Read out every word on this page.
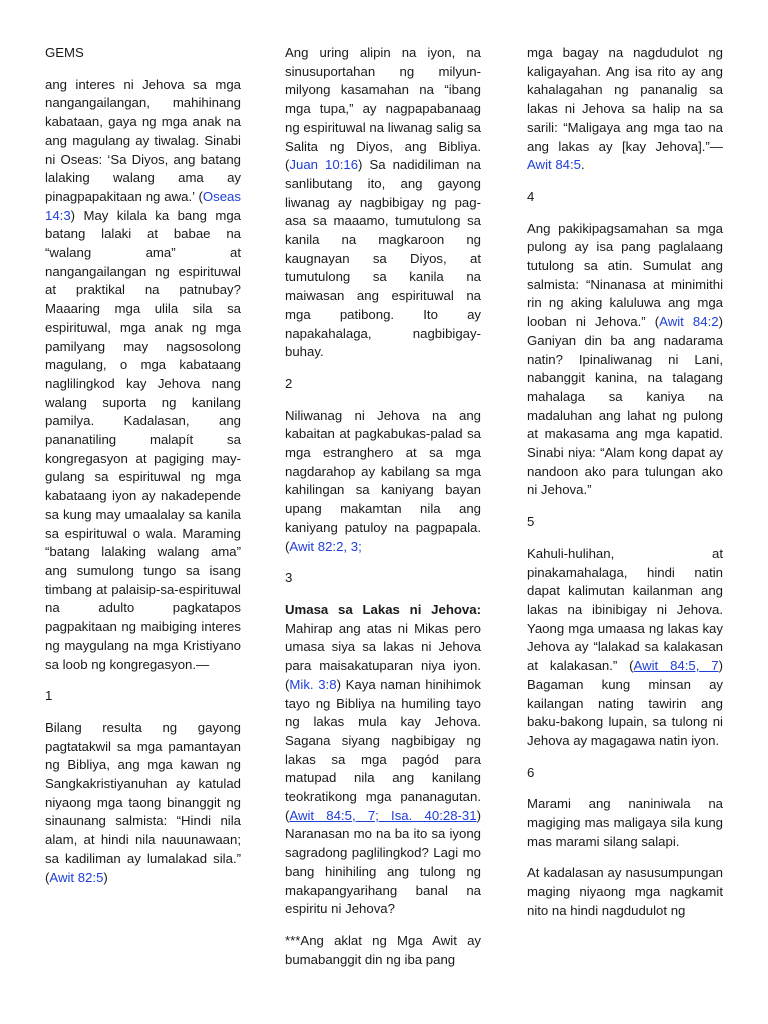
GEMS

ang interes ni Jehova sa mga nangangailangan, mahihinang kabataan, gaya ng mga anak na ang magulang ay tiwalag. Sinabi ni Oseas: ‘Sa Diyos, ang batang lalaking walang ama ay pinagpapakitaan ng awa.’ (Oseas 14:3) May kilala ka bang mga batang lalaki at babae na “walang ama” at nangangailangan ng espirituwal at praktikal na patnubay? Maaaring mga ulila sila sa espirituwal, mga anak ng mga pamilyang may nagsosolong magulang, o mga kabataang naglilingkod kay Jehova nang walang suporta ng kanilang pamilya. Kadalasan, ang pananatiling malapít sa kongregasyon at pagiging may-gulang sa espirituwal ng mga kabataang iyon ay nakadepende sa kung may umaalalay sa kanila sa espirituwal o wala. Maraming “batang lalaking walang ama” ang sumulong tungo sa isang timbang at palaisip-sa-espirituwal na adulto pagkatapos pagpakitaan ng maibiging interes ng maygulang na mga Kristiyano sa loob ng kongregasyon.—

1

Bilang resulta ng gayong pagtatakwil sa mga pamantayan ng Bibliya, ang mga kawan ng Sangkakristiyanuhan ay katulad niyaong mga taong binanggit ng sinaunang salmista: “Hindi nila alam, at hindi nila nauunawaan; sa kadiliman ay lumalakad sila.” (Awit 82:5)

Ang uring alipin na iyon, na sinusuportahan ng milyun-milyong kasamahan na “ibang mga tupa,” ay nagpapabanaag ng espirituwal na liwanag salig sa Salita ng Diyos, ang Bibliya. (Juan 10:16) Sa nadidiliman na sanlibutang ito, ang gayong liwanag ay nagbibigay ng pag-asa sa maaamo, tumutulong sa kanila na magkaroon ng kaugnayan sa Diyos, at tumutulong sa kanila na maiwasan ang espirituwal na mga patibong. Ito ay napakahalaga, nagbibigay-buhay.

2

Niliwanag ni Jehova na ang kabaitan at pagkabukas-palad sa mga estranghero at sa mga nagdarahop ay kabilang sa mga kahilingan sa kaniyang bayan upang makamtan nila ang kaniyang patuloy na pagpapala. (Awit 82:2, 3;

3

Umasa sa Lakas ni Jehova: Mahirap ang atas ni Mikas pero umasa siya sa lakas ni Jehova para maisakatuparan niya iyon. (Mik. 3:8) Kaya naman hinihimok tayo ng Bibliya na humiling tayo ng lakas mula kay Jehova. Sagana siyang nagbibigay ng lakas sa mga pagód para matupad nila ang kanilang teokratikong mga pananagutan. (Awit 84:5, 7; Isa. 40:28-31) Naranasan mo na ba ito sa iyong sagradong paglilingkod? Lagi mo bang hinihiling ang tulong ng makapangyarihang banal na espiritu ni Jehova?

***Ang aklat ng Mga Awit ay bumabanggit din ng iba pang

mga bagay na nagdudulot ng kaligayahan. Ang isa rito ay ang kahalagahan ng pananalig sa lakas ni Jehova sa halip na sa sarili: “Maligaya ang mga tao na ang lakas ay [kay Jehova].”—Awit 84:5.

4

Ang pakikipagsamahan sa mga pulong ay isa pang paglalaang tutulong sa atin. Sumulat ang salmista: “Ninanasa at minimithi rin ng aking kaluluwa ang mga looban ni Jehova.” (Awit 84:2) Ganiyan din ba ang nadarama natin? Ipinaliwanag ni Lani, nabanggit kanina, na talagang mahalaga sa kaniya na madaluhan ang lahat ng pulong at makasama ang mga kapatid. Sinabi niya: “Alam kong dapat ay nandoon ako para tulungan ako ni Jehova.”

5

Kahuli-hulihan, at pinakamahalaga, hindi natin dapat kalimutan kailanman ang lakas na ibinibigay ni Jehova. Yaong mga umaasa ng lakas kay Jehova ay “lalakad sa kalakasan at kalakasan.” (Awit 84:5, 7) Bagaman kung minsan ay kailangan nating tawirin ang baku-bakong lupain, sa tulong ni Jehova ay magagawa natin iyon.

6

Marami ang naniniwala na magiging mas maligaya sila kung mas marami silang salapi.

At kadalasan ay nasusumpungan maging niyaong mga nagkamit nito na hindi nagdudulot ng
